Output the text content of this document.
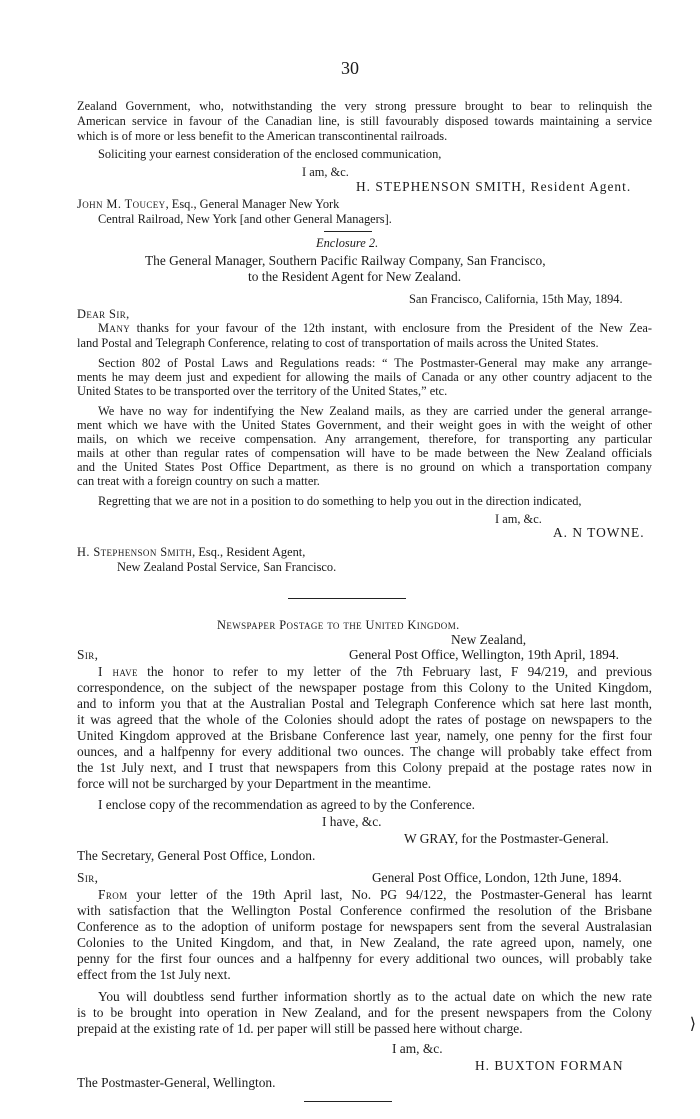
30
Zealand Government, who, notwithstanding the very strong pressure brought to bear to relinquish the
American service in favour of the Canadian line, is still favourably disposed towards maintaining a service
which is of more or less benefit to the American transcontinental railroads.
Soliciting your earnest consideration of the enclosed communication,
I am, &c.
H. STEPHENSON SMITH, Resident Agent.
John M. Toucey, Esq., General Manager New York
Central Railroad, New York [and other General Managers].
Enclosure 2.
The General Manager, Southern Pacific Railway Company, San Francisco,
to the Resident Agent for New Zealand.
San Francisco, California, 15th May, 1894.
Dear Sir,
Many thanks for your favour of the 12th instant, with enclosure from the President of the New Zea-
land Postal and Telegraph Conference, relating to cost of transportation of mails across the United States.
Section 802 of Postal Laws and Regulations reads: “ The Postmaster-General may make any arrange-
ments he may deem just and expedient for allowing the mails of Canada or any other country adjacent to the
United States to be transported over the territory of the United States,” etc.
We have no way for indentifying the New Zealand mails, as they are carried under the general arrange-
ment which we have with the United States Government, and their weight goes in with the weight of other
mails, on which we receive compensation. Any arrangement, therefore, for transporting any particular
mails at other than regular rates of compensation will have to be made between the New Zealand officials
and the United States Post Office Department, as there is no ground on which a transportation company
can treat with a foreign country on such a matter.
Regretting that we are not in a position to do something to help you out in the direction indicated,
I am, &c.
A. N TOWNE.
H. Stephenson Smith, Esq., Resident Agent,
New Zealand Postal Service, San Francisco.
Newspaper Postage to the United Kingdom.
New Zealand,
Sir,	General Post Office, Wellington, 19th April, 1894.
I have the honor to refer to my letter of the 7th February last, F 94/219, and previous
correspondence, on the subject of the newspaper postage from this Colony to the United Kingdom,
and to inform you that at the Australian Postal and Telegraph Conference which sat here last month,
it was agreed that the whole of the Colonies should adopt the rates of postage on newspapers to the
United Kingdom approved at the Brisbane Conference last year, namely, one penny for the first four
ounces, and a halfpenny for every additional two ounces. The change will probably take effect from
the 1st July next, and I trust that newspapers from this Colony prepaid at the postage rates now in
force will not be surcharged by your Department in the meantime.
I enclose copy of the recommendation as agreed to by the Conference.
I have, &c.
W GRAY, for the Postmaster-General.
The Secretary, General Post Office, London.
Sir,	General Post Office, London, 12th June, 1894.
From your letter of the 19th April last, No. PG 94/122, the Postmaster-General has learnt
with satisfaction that the Wellington Postal Conference confirmed the resolution of the Brisbane
Conference as to the adoption of uniform postage for newspapers sent from the several Australasian
Colonies to the United Kingdom, and that, in New Zealand, the rate agreed upon, namely, one
penny for the first four ounces and a halfpenny for every additional two ounces, will probably take
effect from the 1st July next.
You will doubtless send further information shortly as to the actual date on which the new rate
is to be brought into operation in New Zealand, and for the present newspapers from the Colony
prepaid at the existing rate of 1d. per paper will still be passed here without charge.
I am, &c.
H. BUXTON FORMAN
The Postmaster-General, Wellington.
⟩
